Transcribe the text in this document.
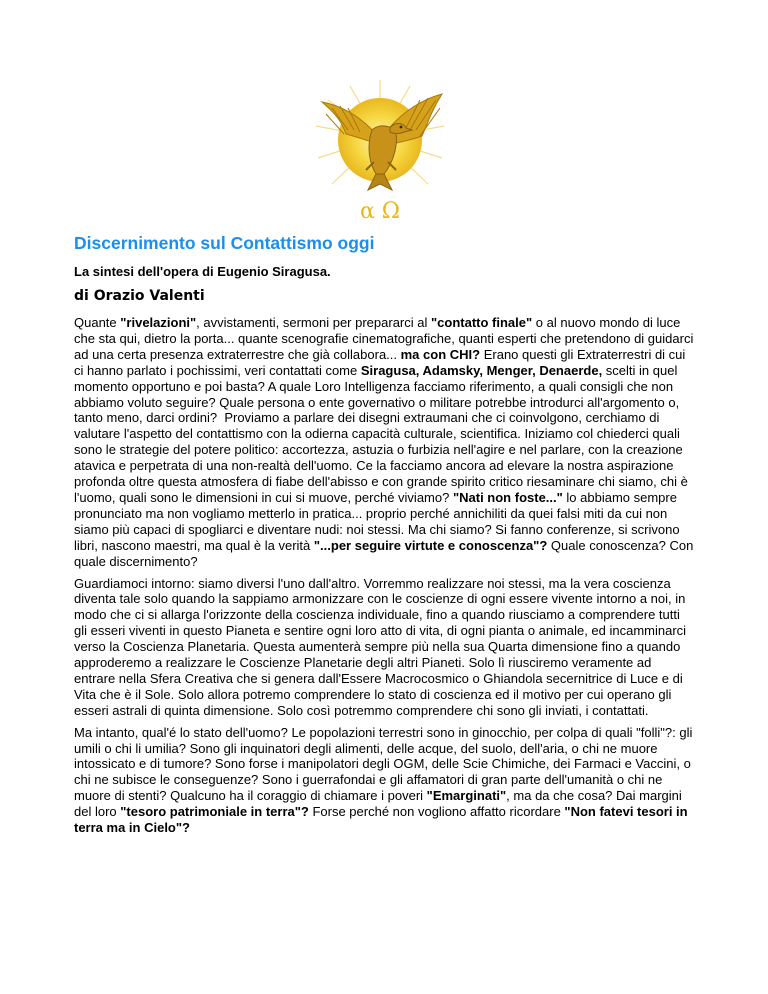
α Ω
Discernimento sul Contattismo oggi
La sintesi dell'opera di Eugenio Siragusa.
di Orazio Valenti
Quante "rivelazioni", avvistamenti, sermoni per prepararci al "contatto finale" o al nuovo mondo di luce che sta qui, dietro la porta... quante scenografie cinematografiche, quanti esperti che pretendono di guidarci ad una certa presenza extraterrestre che già collabora... ma con CHI? Erano questi gli Extraterrestri di cui ci hanno parlato i pochissimi, veri contattati come Siragusa, Adamsky, Menger, Denaerde, scelti in quel momento opportuno e poi basta? A quale Loro Intelligenza facciamo riferimento, a quali consigli che non abbiamo voluto seguire? Quale persona o ente governativo o militare potrebbe introdurci all'argomento o, tanto meno, darci ordini?  Proviamo a parlare dei disegni extraumani che ci coinvolgono, cerchiamo di valutare l'aspetto del contattismo con la odierna capacità culturale, scientifica. Iniziamo col chiederci quali sono le strategie del potere politico: accortezza, astuzia o furbizia nell'agire e nel parlare, con la creazione atavica e perpetrata di una non-realtà dell'uomo. Ce la facciamo ancora ad elevare la nostra aspirazione profonda oltre questa atmosfera di fiabe dell'abisso e con grande spirito critico riesaminare chi siamo, chi è l'uomo, quali sono le dimensioni in cui si muove, perché viviamo? "Nati non foste..." lo abbiamo sempre pronunciato ma non vogliamo metterlo in pratica... proprio perché annichiliti da quei falsi miti da cui non siamo più capaci di spogliarci e diventare nudi: noi stessi. Ma chi siamo? Si fanno conferenze, si scrivono libri, nascono maestri, ma qual è la verità "...per seguire virtute e conoscenza"? Quale conoscenza? Con quale discernimento?
Guardiamoci intorno: siamo diversi l'uno dall'altro. Vorremmo realizzare noi stessi, ma la vera coscienza diventa tale solo quando la sappiamo armonizzare con le coscienze di ogni essere vivente intorno a noi, in modo che ci si allarga l'orizzonte della coscienza individuale, fino a quando riusciamo a comprendere tutti gli esseri viventi in questo Pianeta e sentire ogni loro atto di vita, di ogni pianta o animale, ed incamminarci verso la Coscienza Planetaria. Questa aumenterà sempre più nella sua Quarta dimensione fino a quando approderemo a realizzare le Coscienze Planetarie degli altri Pianeti. Solo lì riusciremo veramente ad entrare nella Sfera Creativa che si genera dall'Essere Macrocosmico o Ghiandola secernitrice di Luce e di Vita che è il Sole. Solo allora potremo comprendere lo stato di coscienza ed il motivo per cui operano gli esseri astrali di quinta dimensione. Solo così potremmo comprendere chi sono gli inviati, i contattati.
Ma intanto, qual'é lo stato dell'uomo? Le popolazioni terrestri sono in ginocchio, per colpa di quali "folli"?: gli umili o chi li umilia? Sono gli inquinatori degli alimenti, delle acque, del suolo, dell'aria, o chi ne muore intossicato e di tumore? Sono forse i manipolatori degli OGM, delle Scie Chimiche, dei Farmaci e Vaccini, o chi ne subisce le conseguenze? Sono i guerrafondai e gli affamatori di gran parte dell'umanità o chi ne muore di stenti? Qualcuno ha il coraggio di chiamare i poveri "Emarginati", ma da che cosa? Dai margini del loro "tesoro patrimoniale in terra"? Forse perché non vogliono affatto ricordare "Non fatevi tesori in terra ma in Cielo"?
